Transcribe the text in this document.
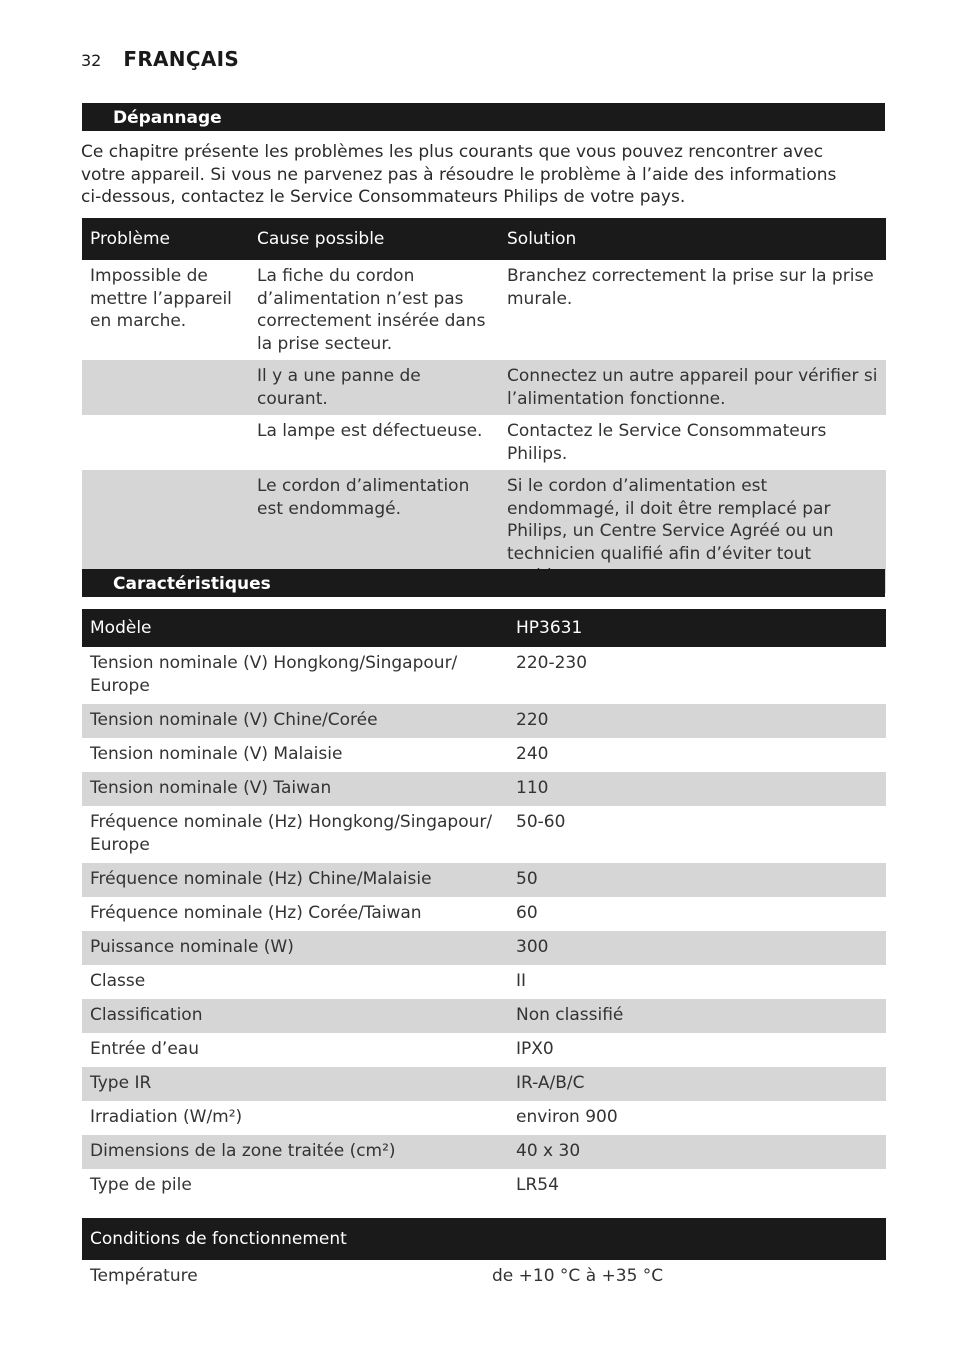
32 FRANÇAIS
Dépannage

Ce chapitre présente les problèmes les plus courants que vous pouvez rencontrer avec votre appareil. Si vous ne parvenez pas à résoudre le problème à l’aide des informations ci-dessous, contactez le Service Consommateurs Philips de votre pays.

Problème	Cause possible	Solution
Impossible de mettre l’appareil en marche.	La fiche du cordon d’alimentation n’est pas correctement insérée dans la prise secteur.	Branchez correctement la prise sur la prise murale.
	Il y a une panne de courant.	Connectez un autre appareil pour vérifier si l’alimentation fonctionne.
	La lampe est défectueuse.	Contactez le Service Consommateurs Philips.
	Le cordon d’alimentation est endommagé.	Si le cordon d’alimentation est endommagé, il doit être remplacé par Philips, un Centre Service Agréé ou un technicien qualifié afin d’éviter tout
Caractéristiques
Modèle	HP3631
Tension nominale (V) Hongkong/Singapour/ Europe	220-230
Tension nominale (V) Chine/Corée	220
Tension nominale (V) Malaisie	240
Tension nominale (V) Taiwan	110
Fréquence nominale (Hz) Hongkong/Singapour/ Europe	50-60
Fréquence nominale (Hz) Chine/Malaisie	50
Fréquence nominale (Hz) Corée/Taiwan	60
Puissance nominale (W)	300
Classe	II
Classification	Non classifié
Entrée d’eau	IPX0
Type IR	IR-A/B/C
Irradiation (W/m²)	environ 900
Dimensions de la zone traitée (cm²)	40 x 30
Type de pile	LR54
Conditions de fonctionnement
Température	de +10 °C à +35 °C
